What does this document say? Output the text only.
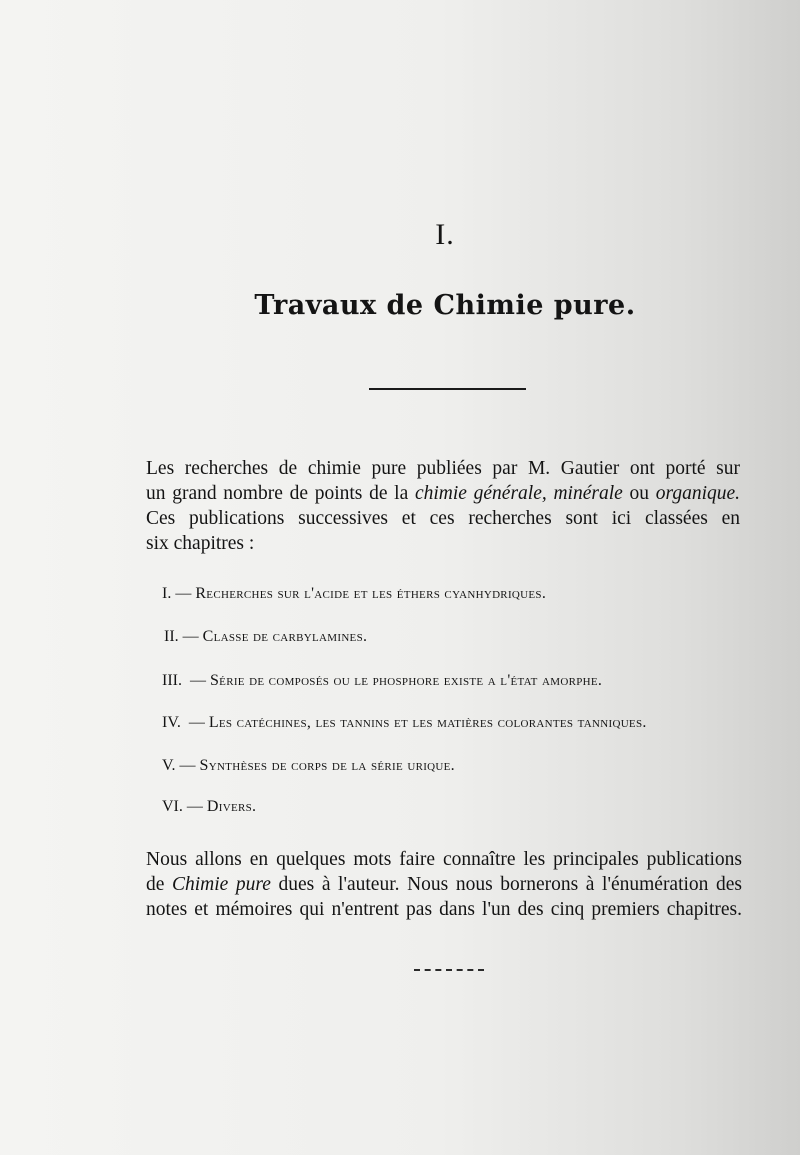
I.
Travaux de Chimie pure.
Les recherches de chimie pure publiées par M. Gautier ont porté sur
un grand nombre de points de la chimie générale, minérale ou organique.
Ces publications successives et ces recherches sont ici classées en
six chapitres :
I. — Recherches sur l'acide et les éthers cyanhydriques.
II. — Classe de carbylamines.
III.  — Série de composés ou le phosphore existe a l'état amorphe.
IV.  — Les catéchines, les tannins et les matières colorantes tanniques.
V. — Synthèses de corps de la série urique.
VI. — Divers.
Nous allons en quelques mots faire connaître les principales publications
de Chimie pure dues à l'auteur. Nous nous bornerons à l'énumération des
notes et mémoires qui n'entrent pas dans l'un des cinq premiers chapitres.
